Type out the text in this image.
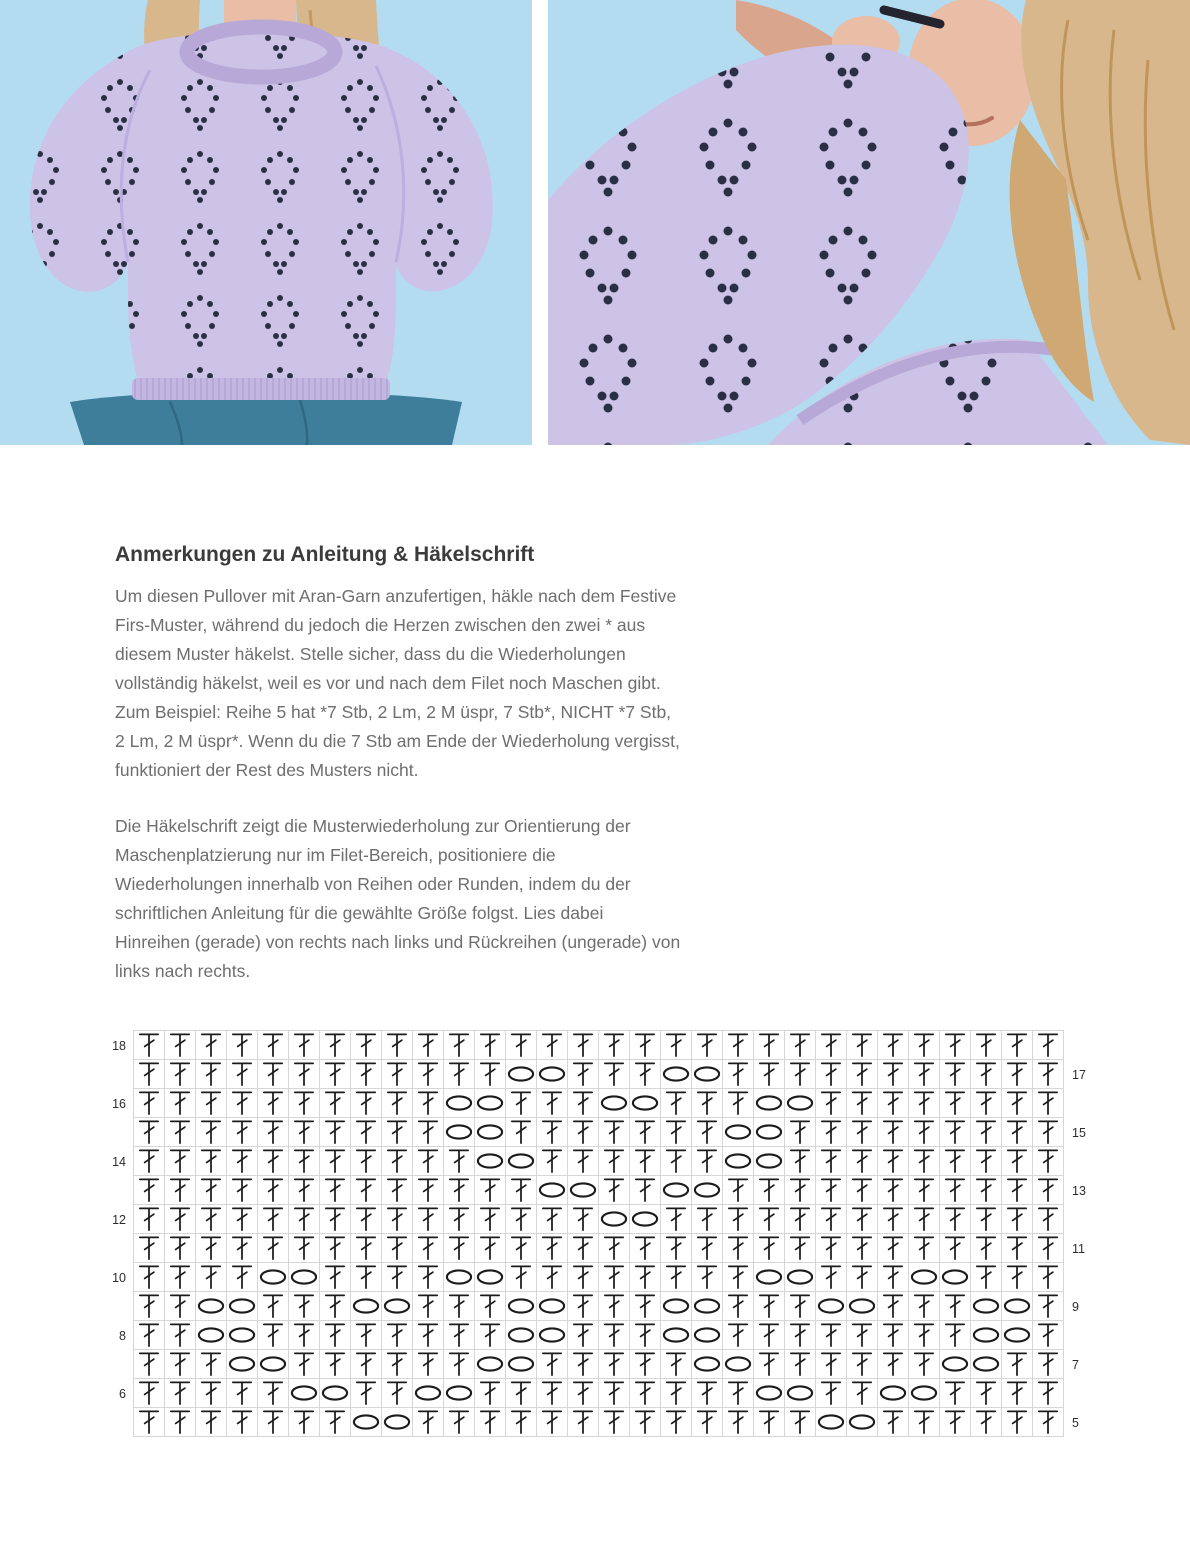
Anmerkungen zu Anleitung & Häkelschrift

Um diesen Pullover mit Aran-Garn anzufertigen, häkle nach dem Festive Firs-Muster, während du jedoch die Herzen zwischen den zwei * aus diesem Muster häkelst. Stelle sicher, dass du die Wiederholungen vollständig häkelst, weil es vor und nach dem Filet noch Maschen gibt. Zum Beispiel: Reihe 5 hat *7 Stb, 2 Lm, 2 M üspr, 7 Stb*, NICHT *7 Stb, 2 Lm, 2 M üspr*. Wenn du die 7 Stb am Ende der Wiederholung vergisst, funktioniert der Rest des Musters nicht.

Die Häkelschrift zeigt die Musterwiederholung zur Orientierung der Maschenplatzierung nur im Filet-Bereich, positioniere die Wiederholungen innerhalb von Reihen oder Runden, indem du der schriftlichen Anleitung für die gewählte Größe folgst. Lies dabei Hinreihen (gerade) von rechts nach links und Rückreihen (ungerade) von links nach rechts.

18
17
16
15
14
13
12
11
10
9
8
7
6
5
